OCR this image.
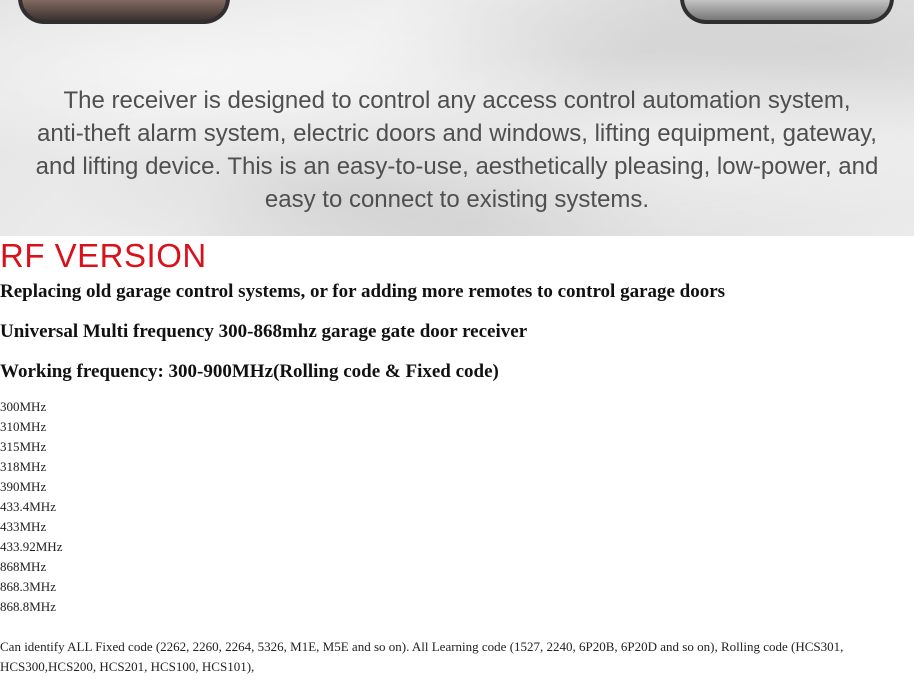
The receiver is designed to control any access control automation system,
anti-theft alarm system, electric doors and windows, lifting equipment, gateway,
and lifting device. This is an easy-to-use, aesthetically pleasing, low-power, and
easy to connect to existing systems.
RF VERSION
Replacing old garage control systems, or for adding more remotes to control garage doors
Universal Multi frequency 300-868mhz garage gate door receiver
Working frequency: 300-900MHz(Rolling code & Fixed code)
300MHz
310MHz
315MHz
318MHz
390MHz
433.4MHz
433MHz
433.92MHz
868MHz
868.3MHz
868.8MHz

Can identify ALL Fixed code (2262, 2260, 2264, 5326, M1E, M5E and so on). All Learning code (1527, 2240, 6P20B, 6P20D and so on), Rolling code (HCS301, HCS300,HCS200, HCS201, HCS100, HCS101),
